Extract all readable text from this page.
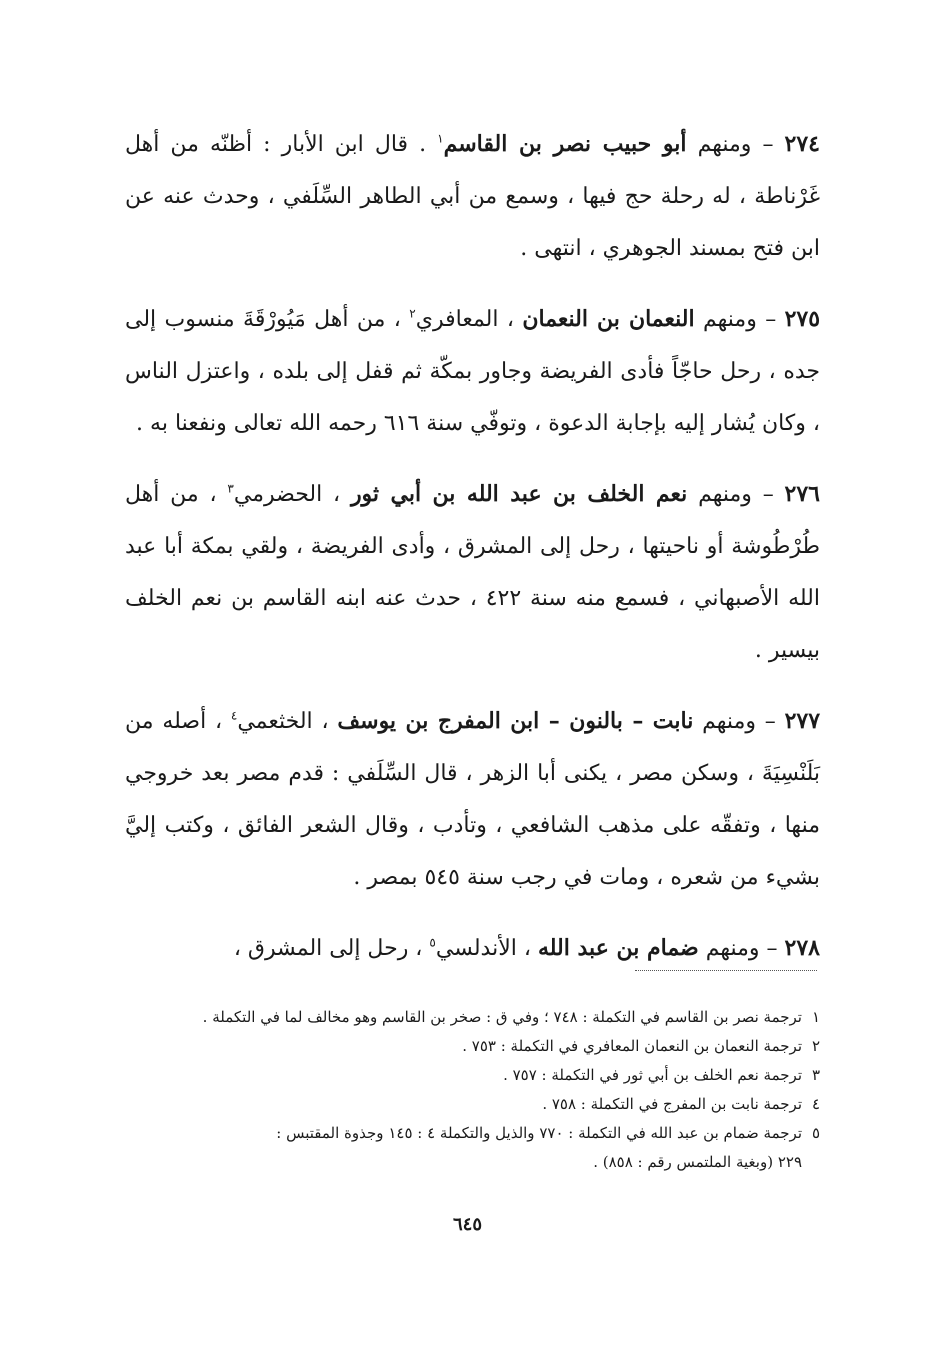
٢٧٤ – ومنهم أبو حبيب نصر بن القاسم$^١$ . قال ابن الأبار : أظنّه من أهل غَرْناطة ، له رحلة حج فيها ، وسمع من أبي الطاهر السِّلَفي ، وحدث عنه عن ابن فتح بمسند الجوهري ، انتهى .

٢٧٥ – ومنهم النعمان بن النعمان ، المعافري$^٢$ ، من أهل مَيُورْقَةَ منسوب إلى جده ، رحل حاجّاً فأدى الفريضة وجاور بمكّة ثم قفل إلى بلده ، واعتزل الناس ، وكان يُشار إليه بإجابة الدعوة ، وتوفّي سنة ٦١٦ رحمه الله تعالى ونفعنا به .

٢٧٦ – ومنهم نعم الخلف بن عبد الله بن أبي ثور ، الحضرمي$^٣$ ، من أهل طُرْطُوشة أو ناحيتها ، رحل إلى المشرق ، وأدى الفريضة ، ولقي بمكة أبا عبد الله الأصبهاني ، فسمع منه سنة ٤٢٢ ، حدث عنه ابنه القاسم بن نعم الخلف بيسير .

٢٧٧ – ومنهم نابت – بالنون – ابن المفرج بن يوسف ، الخثعمي$^٤$ ، أصله من بَلَنْسِيَةَ ، وسكن مصر ، يكنى أبا الزهر ، قال السِّلَفي : قدم مصر بعد خروجي منها ، وتفقّه على مذهب الشافعي ، وتأدب ، وقال الشعر الفائق ، وكتب إليَّ بشيء من شعره ، ومات في رجب سنة ٥٤٥ بمصر .

٢٧٨ – ومنهم ضمام بن عبد الله ، الأندلسي$^٥$ ، رحل إلى المشرق ،

١ترجمة نصر بن القاسم في التكملة : ٧٤٨ ؛ وفي ق : صخر بن القاسم وهو مخالف لما في التكملة .

٢ترجمة النعمان بن النعمان المعافري في التكملة : ٧٥٣ .

٣ترجمة نعم الخلف بن أبي ثور في التكملة : ٧٥٧ .

٤ترجمة نابت بن المفرج في التكملة : ٧٥٨ .

٥ترجمة ضمام بن عبد الله في التكملة : ٧٧٠ والذيل والتكملة ٤ : ١٤٥ وجذوة المقتبس :

٢٢٩ (وبغية الملتمس رقم : ٨٥٨) .

٦٤٥
